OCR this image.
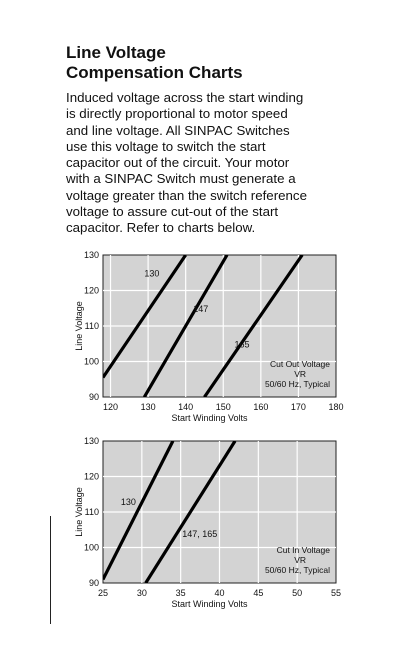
Line Voltage
Compensation Charts

Induced voltage across the start winding
is directly proportional to motor speed
and line voltage. All SINPAC Switches
use this voltage to switch the start
capacitor out of the circuit. Your motor
with a SINPAC Switch must generate a
voltage greater than the switch reference
voltage to assure cut-out of the start
capacitor. Refer to charts below.

120	130	140	150	160	170	180
90
100
110
120
130
130
147
165
Cut Out Voltage
VR
50/60 Hz, Typical
Start Winding Volts
Line Voltage
25	30	35	40	45	50	55
90
100
110
120
130
130
147, 165
Cut In Voltage
VR
50/60 Hz, Typical
Start Winding Volts
Line Voltage
